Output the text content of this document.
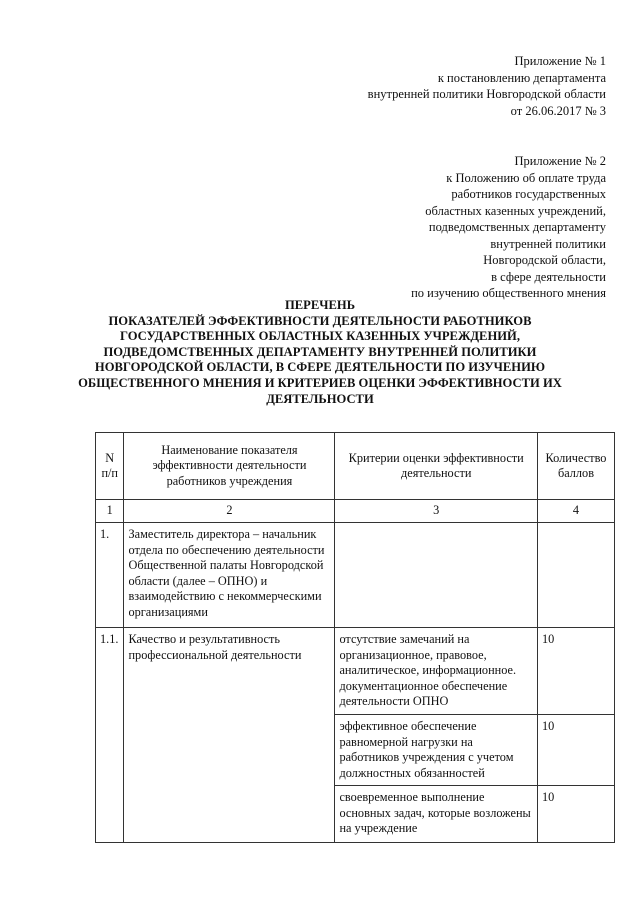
Приложение № 1
к постановлению департамента
внутренней политики Новгородской области
от 26.06.2017 № 3
Приложение № 2
к Положению об оплате труда
работников государственных
областных казенных учреждений,
подведомственных департаменту
внутренней политики
Новгородской области,
в сфере деятельности
по изучению общественного мнения
ПЕРЕЧЕНЬ
ПОКАЗАТЕЛЕЙ ЭФФЕКТИВНОСТИ ДЕЯТЕЛЬНОСТИ РАБОТНИКОВ
ГОСУДАРСТВЕННЫХ ОБЛАСТНЫХ КАЗЕННЫХ УЧРЕЖДЕНИЙ,
ПОДВЕДОМСТВЕННЫХ ДЕПАРТАМЕНТУ ВНУТРЕННЕЙ ПОЛИТИКИ
НОВГОРОДСКОЙ ОБЛАСТИ, В СФЕРЕ ДЕЯТЕЛЬНОСТИ ПО ИЗУЧЕНИЮ
ОБЩЕСТВЕННОГО МНЕНИЯ И КРИТЕРИЕВ ОЦЕНКИ ЭФФЕКТИВНОСТИ ИХ
ДЕЯТЕЛЬНОСТИ
N п/п	Наименование показателя эффективности деятельности работников учреждения	Критерии оценки эффективности деятельности	Количество баллов
1	2	3	4
1.	Заместитель директора – начальник отдела по обеспечению деятельности Общественной палаты Новгородской области (далее – ОПНО) и взаимодействию с некоммерческими организациями		
1.1.	Качество и результативность профессиональной деятельности	отсутствие замечаний на организационное, правовое, аналитическое, информационное. документационное обеспечение деятельности ОПНО	10
		эффективное обеспечение равномерной нагрузки на работников учреждения с учетом должностных обязанностей	10
		своевременное выполнение основных задач, которые возложены на учреждение	10
